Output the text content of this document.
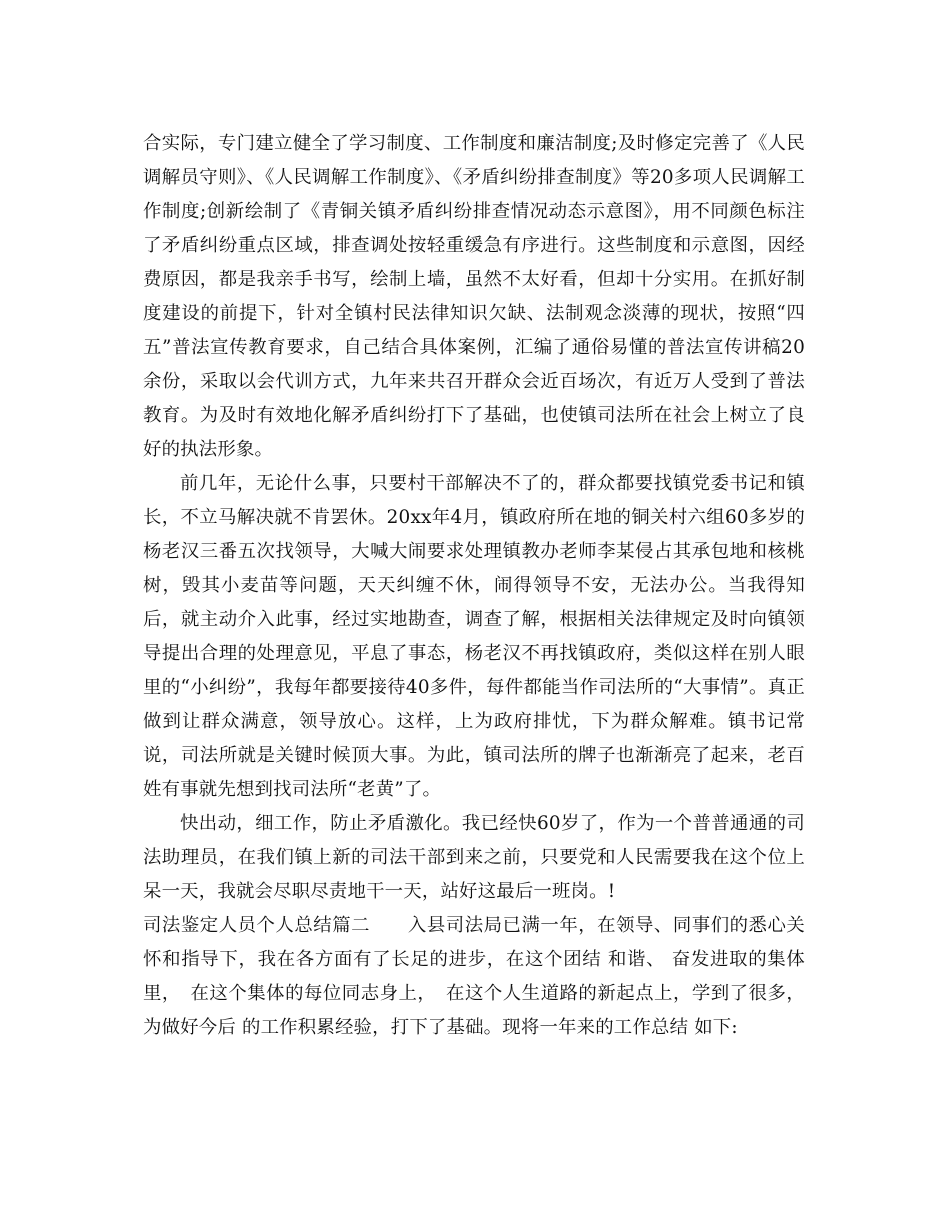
合实际，专门建立健全了学习制度、工作制度和廉洁制度;及时修定完善了《人民调解员守则》、《人民调解工作制度》、《矛盾纠纷排查制度》等20多项人民调解工作制度;创新绘制了《青铜关镇矛盾纠纷排查情况动态示意图》，用不同颜色标注了矛盾纠纷重点区域，排查调处按轻重缓急有序进行。这些制度和示意图，因经费原因，都是我亲手书写，绘制上墙，虽然不太好看，但却十分实用。在抓好制度建设的前提下，针对全镇村民法律知识欠缺、法制观念淡薄的现状，按照“四五”普法宣传教育要求，自己结合具体案例，汇编了通俗易懂的普法宣传讲稿20余份，采取以会代训方式，九年来共召开群众会近百场次，有近万人受到了普法教育。为及时有效地化解矛盾纠纷打下了基础，也使镇司法所在社会上树立了良好的执法形象。

前几年，无论什么事，只要村干部解决不了的，群众都要找镇党委书记和镇长，不立马解决就不肯罢休。20xx年4月，镇政府所在地的铜关村六组60多岁的杨老汉三番五次找领导，大喊大闹要求处理镇教办老师李某侵占其承包地和核桃树，毁其小麦苗等问题，天天纠缠不休，闹得领导不安，无法办公。当我得知后，就主动介入此事，经过实地勘查，调查了解，根据相关法律规定及时向镇领导提出合理的处理意见，平息了事态，杨老汉不再找镇政府，类似这样在别人眼里的“小纠纷”，我每年都要接待40多件，每件都能当作司法所的“大事情”。真正做到让群众满意，领导放心。这样，上为政府排忧，下为群众解难。镇书记常说，司法所就是关键时候顶大事。为此，镇司法所的牌子也渐渐亮了起来，老百姓有事就先想到找司法所“老黄”了。

快出动，细工作，防止矛盾激化。我已经快60岁了，作为一个普普通通的司法助理员，在我们镇上新的司法干部到来之前，只要党和人民需要我在这个位上呆一天，我就会尽职尽责地干一天，站好这最后一班岗。!

司法鉴定人员个人总结篇二　　入县司法局已满一年，在领导、同事们的悉心关怀和指导下，我在各方面有了长足的进步，在这个团结 和谐、 奋发进取的集体里，　在这个集体的每位同志身上，　在这个人生道路的新起点上，学到了很多，为做好今后 的工作积累经验，打下了基础。现将一年来的工作总结 如下:
